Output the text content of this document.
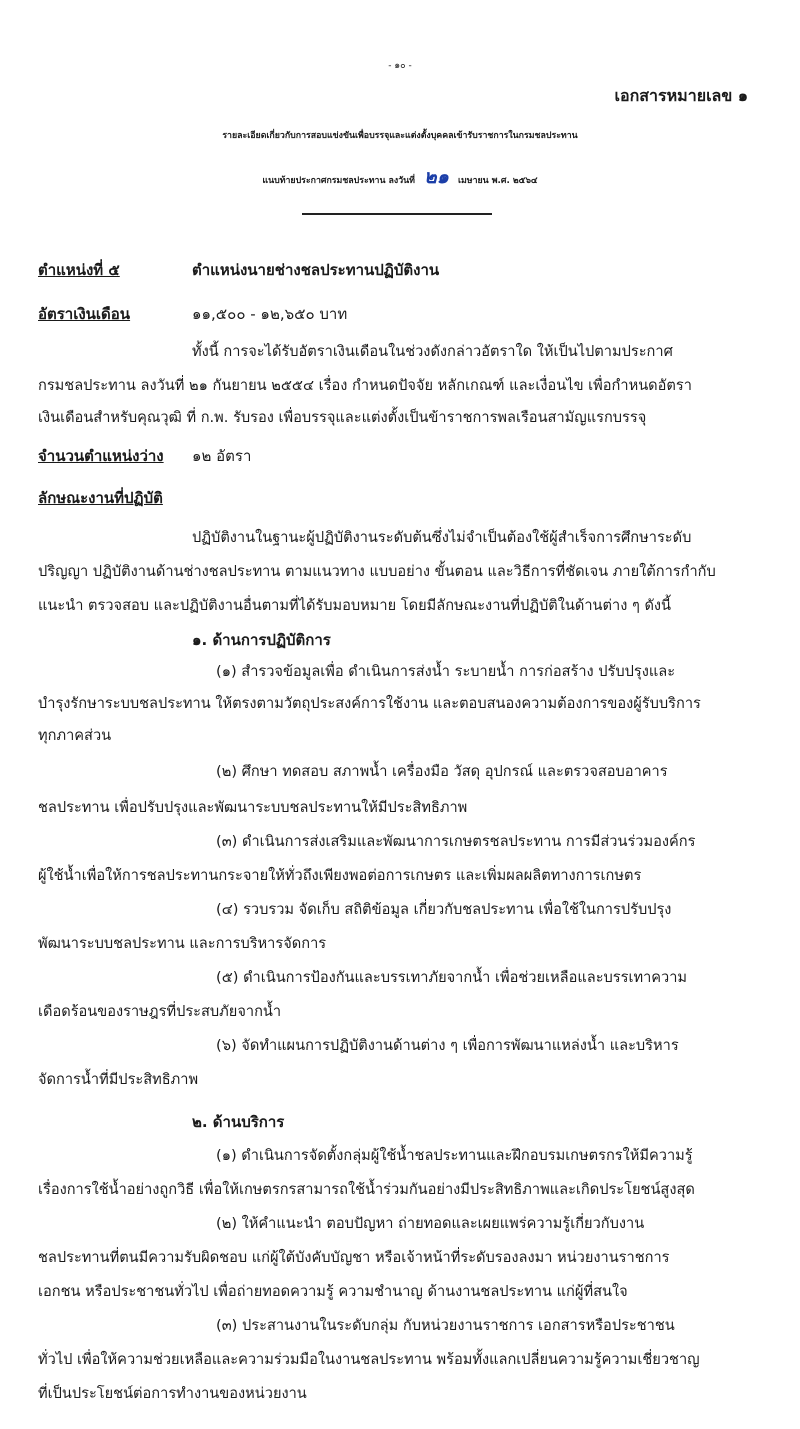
- ๑๐ -
เอกสารหมายเลข ๑
รายละเอียดเกี่ยวกับการสอบแข่งขันเพื่อบรรจุและแต่งตั้งบุคคลเข้ารับราชการในกรมชลประทาน
แนบท้ายประกาศกรมชลประทาน ลงวันที่ ๒๑ เมษายน พ.ศ. ๒๕๖๔
ตำแหน่งที่ ๕	ตำแหน่งนายช่างชลประทานปฏิบัติงาน
อัตราเงินเดือน	๑๑,๕๐๐ - ๑๒,๖๕๐ บาท
ทั้งนี้ การจะได้รับอัตราเงินเดือนในช่วงดังกล่าวอัตราใด ให้เป็นไปตามประกาศ
กรมชลประทาน ลงวันที่ ๒๑ กันยายน ๒๕๕๔ เรื่อง กำหนดปัจจัย หลักเกณฑ์ และเงื่อนไข เพื่อกำหนดอัตรา
เงินเดือนสำหรับคุณวุฒิ ที่ ก.พ. รับรอง เพื่อบรรจุและแต่งตั้งเป็นข้าราชการพลเรือนสามัญแรกบรรจุ
จำนวนตำแหน่งว่าง ๑๒ อัตรา
ลักษณะงานที่ปฏิบัติ
ปฏิบัติงานในฐานะผู้ปฏิบัติงานระดับต้นซึ่งไม่จำเป็นต้องใช้ผู้สำเร็จการศึกษาระดับ
ปริญญา ปฏิบัติงานด้านช่างชลประทาน ตามแนวทาง แบบอย่าง ขั้นตอน และวิธีการที่ชัดเจน ภายใต้การกำกับ
แนะนำ ตรวจสอบ และปฏิบัติงานอื่นตามที่ได้รับมอบหมาย โดยมีลักษณะงานที่ปฏิบัติในด้านต่าง ๆ ดังนี้
๑. ด้านการปฏิบัติการ
(๑) สำรวจข้อมูลเพื่อ ดำเนินการส่งน้ำ ระบายน้ำ การก่อสร้าง ปรับปรุงและ
บำรุงรักษาระบบชลประทาน ให้ตรงตามวัตถุประสงค์การใช้งาน และตอบสนองความต้องการของผู้รับบริการ
ทุกภาคส่วน
(๒) ศึกษา ทดสอบ สภาพน้ำ เครื่องมือ วัสดุ อุปกรณ์ และตรวจสอบอาคาร
ชลประทาน เพื่อปรับปรุงและพัฒนาระบบชลประทานให้มีประสิทธิภาพ
(๓) ดำเนินการส่งเสริมและพัฒนาการเกษตรชลประทาน การมีส่วนร่วมองค์กร
ผู้ใช้น้ำเพื่อให้การชลประทานกระจายให้ทั่วถึงเพียงพอต่อการเกษตร และเพิ่มผลผลิตทางการเกษตร
(๔) รวบรวม จัดเก็บ สถิติข้อมูล เกี่ยวกับชลประทาน เพื่อใช้ในการปรับปรุง
พัฒนาระบบชลประทาน และการบริหารจัดการ
(๕) ดำเนินการป้องกันและบรรเทาภัยจากน้ำ เพื่อช่วยเหลือและบรรเทาความ
เดือดร้อนของราษฎรที่ประสบภัยจากน้ำ
(๖) จัดทำแผนการปฏิบัติงานด้านต่าง ๆ เพื่อการพัฒนาแหล่งน้ำ และบริหาร
จัดการน้ำที่มีประสิทธิภาพ
๒. ด้านบริการ
(๑) ดำเนินการจัดตั้งกลุ่มผู้ใช้น้ำชลประทานและฝึกอบรมเกษตรกรให้มีความรู้
เรื่องการใช้น้ำอย่างถูกวิธี เพื่อให้เกษตรกรสามารถใช้น้ำร่วมกันอย่างมีประสิทธิภาพและเกิดประโยชน์สูงสุด
(๒) ให้คำแนะนำ ตอบปัญหา ถ่ายทอดและเผยแพร่ความรู้เกี่ยวกับงาน
ชลประทานที่ตนมีความรับผิดชอบ แก่ผู้ใต้บังคับบัญชา หรือเจ้าหน้าที่ระดับรองลงมา หน่วยงานราชการ
เอกชน หรือประชาชนทั่วไป เพื่อถ่ายทอดความรู้ ความชำนาญ ด้านงานชลประทาน แก่ผู้ที่สนใจ
(๓) ประสานงานในระดับกลุ่ม กับหน่วยงานราชการ เอกสารหรือประชาชน
ทั่วไป เพื่อให้ความช่วยเหลือและความร่วมมือในงานชลประทาน พร้อมทั้งแลกเปลี่ยนความรู้ความเชี่ยวชาญ
ที่เป็นประโยชน์ต่อการทำงานของหน่วยงาน
